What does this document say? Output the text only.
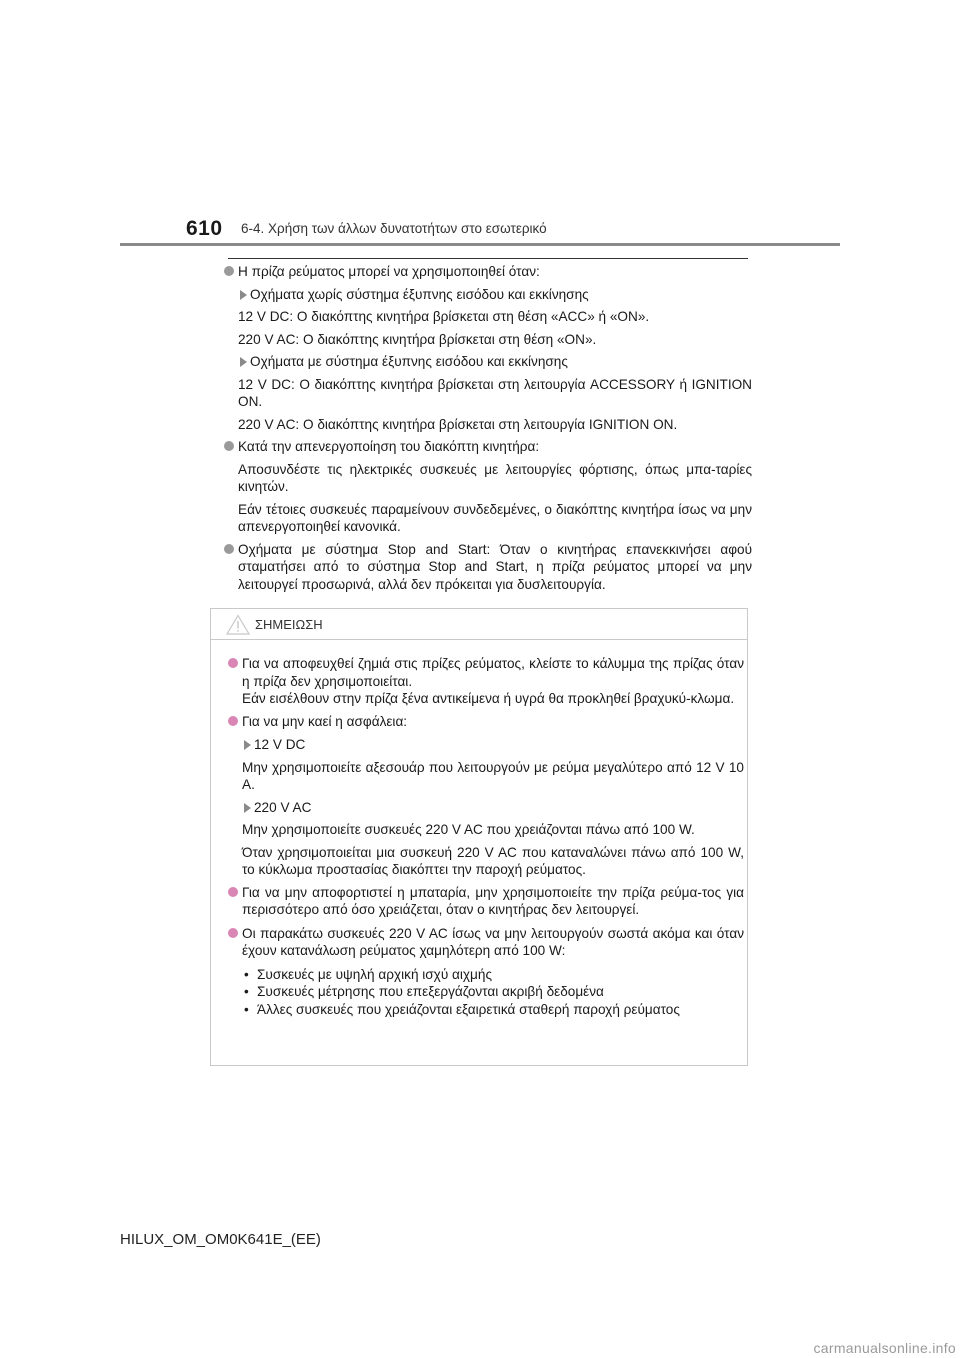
610 6-4. Χρήση των άλλων δυνατοτήτων στο εσωτερικό
Η πρίζα ρεύματος μπορεί να χρησιμοποιηθεί όταν:
Οχήματα χωρίς σύστημα έξυπνης εισόδου και εκκίνησης
12 V DC: Ο διακόπτης κινητήρα βρίσκεται στη θέση «ACC» ή «ON».
220 V AC: Ο διακόπτης κινητήρα βρίσκεται στη θέση «ON».
Οχήματα με σύστημα έξυπνης εισόδου και εκκίνησης
12 V DC: Ο διακόπτης κινητήρα βρίσκεται στη λειτουργία ACCESSORY ή IGNITION ON.
220 V AC: Ο διακόπτης κινητήρα βρίσκεται στη λειτουργία IGNITION ON.
Κατά την απενεργοποίηση του διακόπτη κινητήρα:
Αποσυνδέστε τις ηλεκτρικές συσκευές με λειτουργίες φόρτισης, όπως μπα-ταρίες κινητών.
Εάν τέτοιες συσκευές παραμείνουν συνδεδεμένες, ο διακόπτης κινητήρα ίσως να μην απενεργοποιηθεί κανονικά.
Οχήματα με σύστημα Stop and Start: Όταν ο κινητήρας επανεκκινήσει αφού σταματήσει από το σύστημα Stop and Start, η πρίζα ρεύματος μπορεί να μην λειτουργεί προσωρινά, αλλά δεν πρόκειται για δυσλειτουργία.
ΣΗΜΕΙΩΣΗ
Για να αποφευχθεί ζημιά στις πρίζες ρεύματος, κλείστε το κάλυμμα της πρίζας όταν η πρίζα δεν χρησιμοποιείται.
Εάν εισέλθουν στην πρίζα ξένα αντικείμενα ή υγρά θα προκληθεί βραχυκύ-κλωμα.
Για να μην καεί η ασφάλεια:
12 V DC
Μην χρησιμοποιείτε αξεσουάρ που λειτουργούν με ρεύμα μεγαλύτερο από 12 V 10 A.
220 V AC
Μην χρησιμοποιείτε συσκευές 220 V AC που χρειάζονται πάνω από 100 W.
Όταν χρησιμοποιείται μια συσκευή 220 V AC που καταναλώνει πάνω από 100 W, το κύκλωμα προστασίας διακόπτει την παροχή ρεύματος.
Για να μην αποφορτιστεί η μπαταρία, μην χρησιμοποιείτε την πρίζα ρεύμα-τος για περισσότερο από όσο χρειάζεται, όταν ο κινητήρας δεν λειτουργεί.
Οι παρακάτω συσκευές 220 V AC ίσως να μην λειτουργούν σωστά ακόμα και όταν έχουν κατανάλωση ρεύματος χαμηλότερη από 100 W:
• Συσκευές με υψηλή αρχική ισχύ αιχμής
• Συσκευές μέτρησης που επεξεργάζονται ακριβή δεδομένα
• Άλλες συσκευές που χρειάζονται εξαιρετικά σταθερή παροχή ρεύματος
HILUX_OM_OM0K641E_(EE)
carmanualsonline.info
